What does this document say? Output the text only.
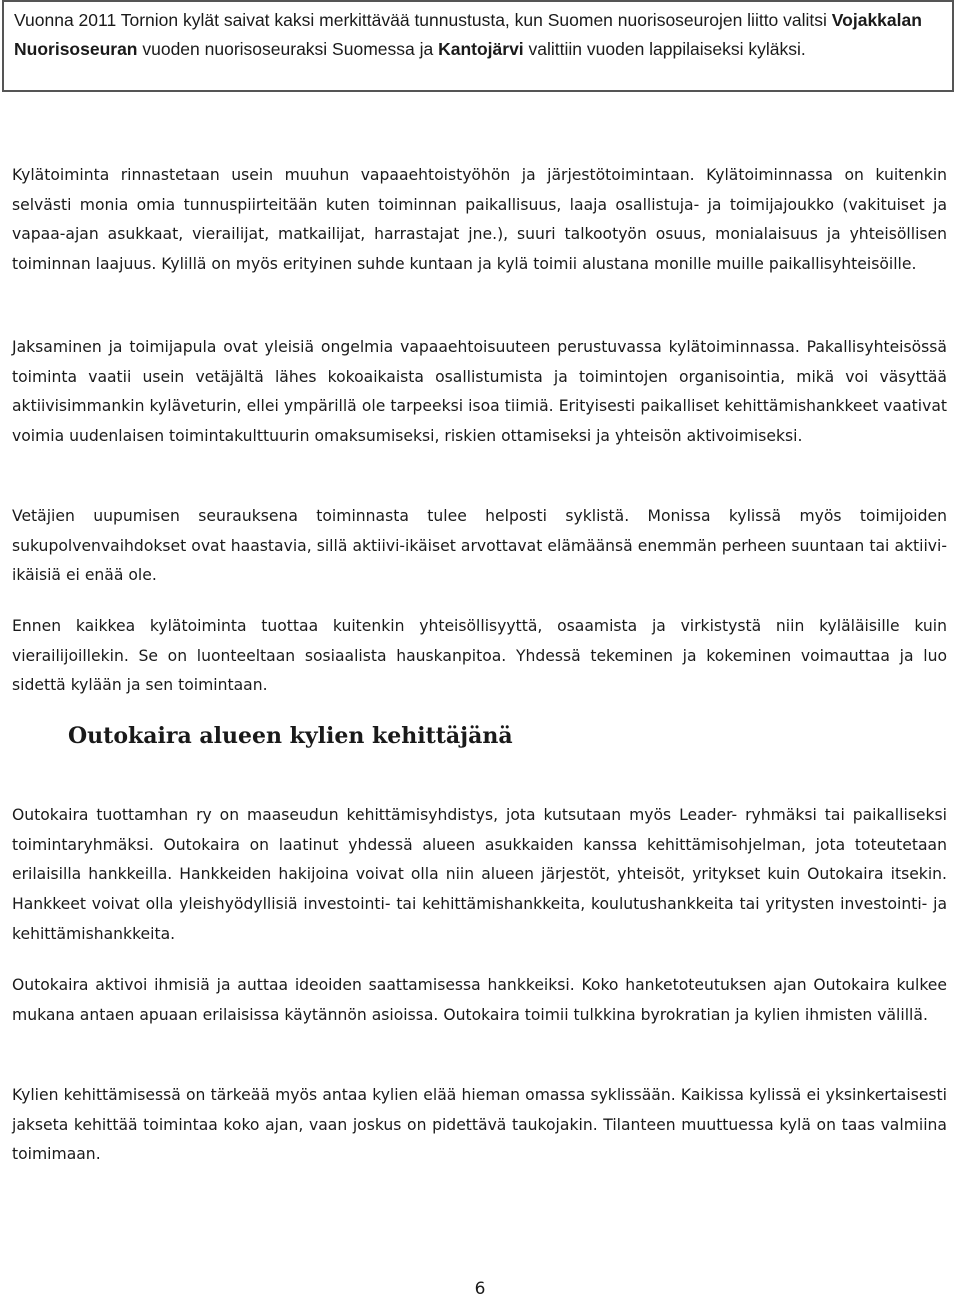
Vuonna 2011 Tornion kylät saivat kaksi merkittävää tunnustusta, kun Suomen nuorisoseurojen liitto valitsi Vojakkalan Nuorisoseuran vuoden nuorisoseuraksi Suomessa ja Kantojärvi valittiin vuoden lappilaiseksi kyläksi.

Kylätoiminta rinnastetaan usein muuhun vapaaehtoistyöhön ja järjestötoimintaan. Kylätoiminnassa on kuitenkin selvästi monia omia tunnuspiirteitään kuten toiminnan paikallisuus, laaja osallistuja- ja toimijajoukko (vakituiset ja vapaa-ajan asukkaat, vierailijat, matkailijat, harrastajat jne.), suuri talkootyön osuus, monialaisuus ja yhteisöllisen toiminnan laajuus. Kylillä on myös erityinen suhde kuntaan ja kylä toimii alustana monille muille paikallisyhteisöille.

Jaksaminen ja toimijapula ovat yleisiä ongelmia vapaaehtoisuuteen perustuvassa kylätoiminnassa. Pakallisyhteisössä toiminta vaatii usein vetäjältä lähes kokoaikaista osallistumista ja toimintojen organisointia, mikä voi väsyttää aktiivisimmankin kyläveturin, ellei ympärillä ole tarpeeksi isoa tiimiä. Erityisesti paikalliset kehittämishankkeet vaativat voimia uudenlaisen toimintakulttuurin omaksumiseksi, riskien ottamiseksi ja yhteisön aktivoimiseksi.

Vetäjien uupumisen seurauksena toiminnasta tulee helposti syklistä. Monissa kylissä myös toimijoiden sukupolvenvaihdokset ovat haastavia, sillä aktiivi-ikäiset arvottavat elämäänsä enemmän perheen suuntaan tai aktiivi-ikäisiä ei enää ole.

Ennen kaikkea kylätoiminta tuottaa kuitenkin yhteisöllisyyttä, osaamista ja virkistystä niin kyläläisille kuin vierailijoillekin. Se on luonteeltaan sosiaalista hauskanpitoa. Yhdessä tekeminen ja kokeminen voimauttaa ja luo sidettä kylään ja sen toimintaan.

Outokaira alueen kylien kehittäjänä

Outokaira tuottamhan ry on maaseudun kehittämisyhdistys, jota kutsutaan myös Leader- ryhmäksi tai paikalliseksi toimintaryhmäksi. Outokaira on laatinut yhdessä alueen asukkaiden kanssa kehittämisohjelman, jota toteutetaan erilaisilla hankkeilla. Hankkeiden hakijoina voivat olla niin alueen järjestöt, yhteisöt, yritykset kuin Outokaira itsekin. Hankkeet voivat olla yleishyödyllisiä investointi- tai kehittämishankkeita, koulutushankkeita tai yritysten investointi- ja kehittämishankkeita.

Outokaira aktivoi ihmisiä ja auttaa ideoiden saattamisessa hankkeiksi. Koko hanketoteutuksen ajan Outokaira kulkee mukana antaen apuaan erilaisissa käytännön asioissa. Outokaira toimii tulkkina byrokratian ja kylien ihmisten välillä.

Kylien kehittämisessä on tärkeää myös antaa kylien elää hieman omassa syklissään. Kaikissa kylissä ei yksinkertaisesti jakseta kehittää toimintaa koko ajan, vaan joskus on pidettävä taukojakin. Tilanteen muuttuessa kylä on taas valmiina toimimaan.

6
